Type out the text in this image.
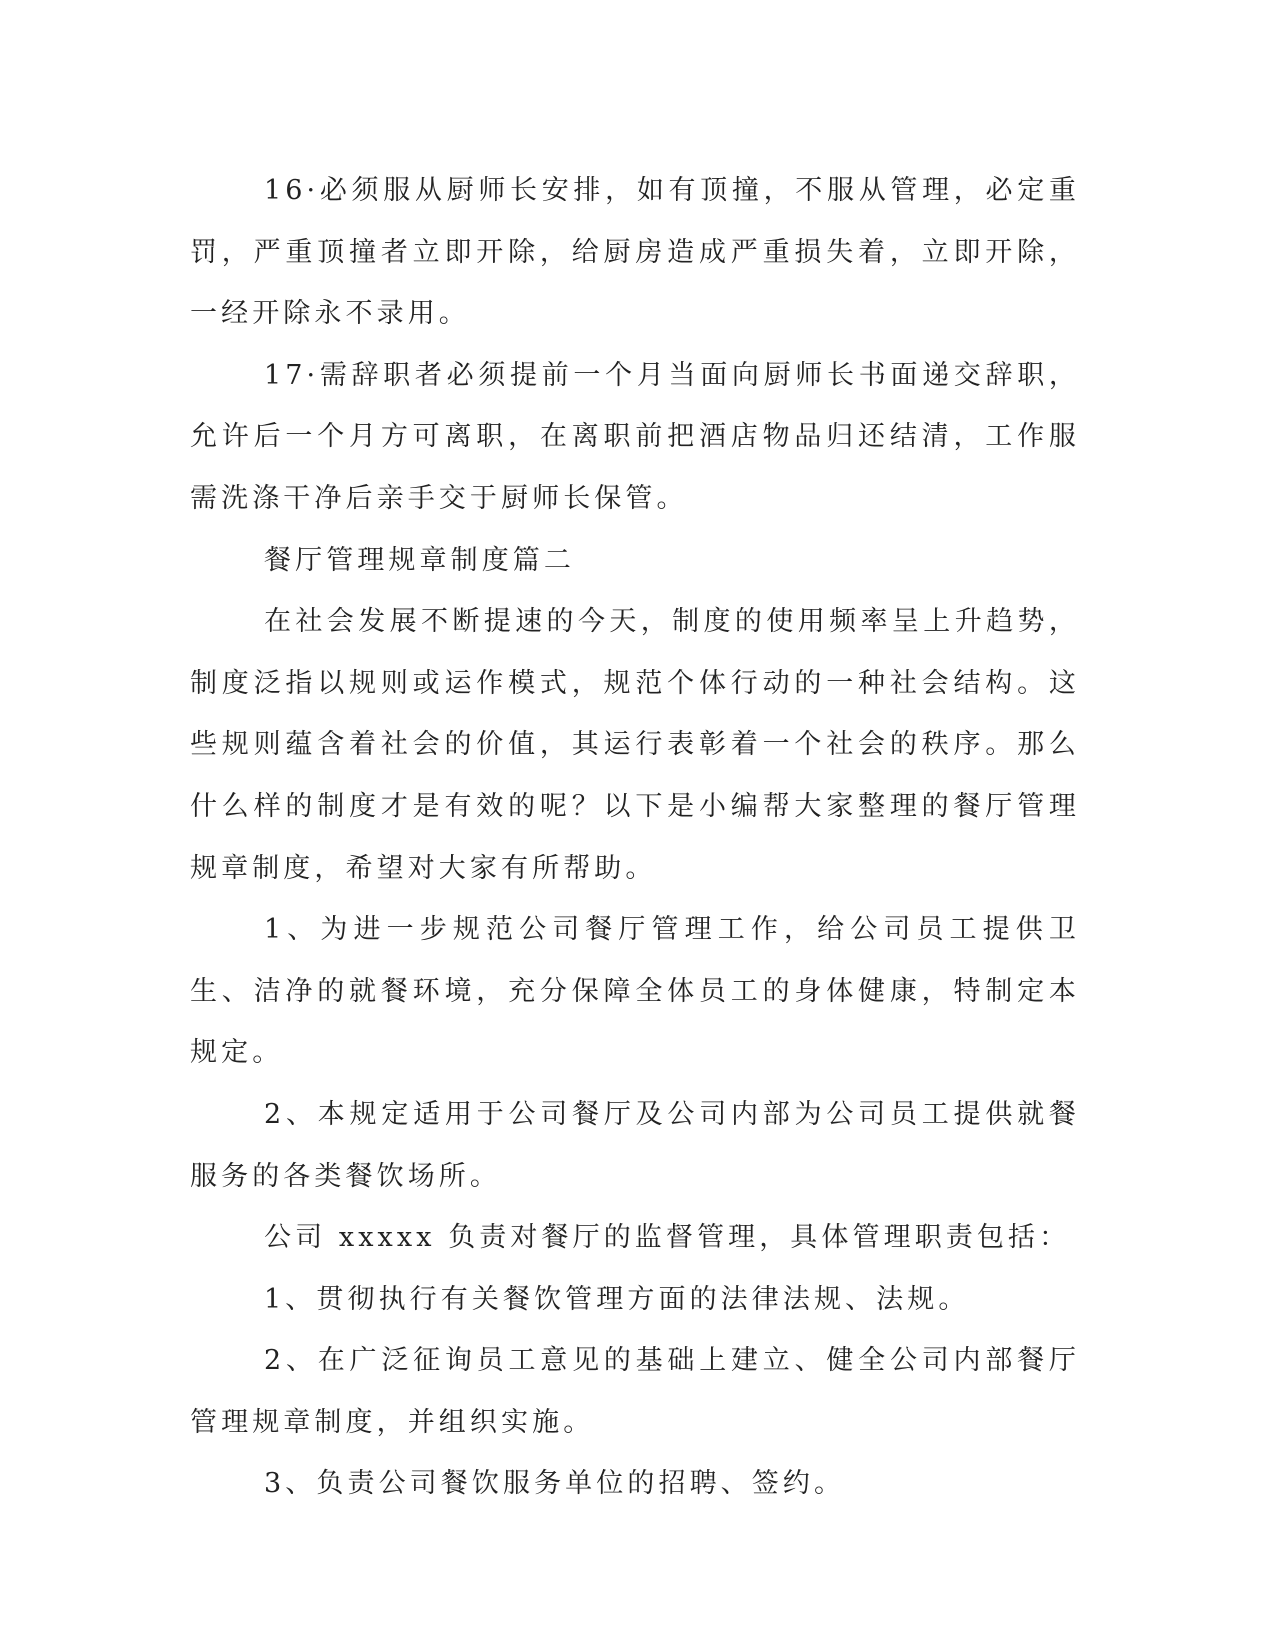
16·必须服从厨师长安排，如有顶撞，不服从管理，必定重罚，严重顶撞者立即开除，给厨房造成严重损失着，立即开除，一经开除永不录用。

17·需辞职者必须提前一个月当面向厨师长书面递交辞职，允许后一个月方可离职，在离职前把酒店物品归还结清，工作服需洗涤干净后亲手交于厨师长保管。

餐厅管理规章制度篇二

在社会发展不断提速的今天，制度的使用频率呈上升趋势，制度泛指以规则或运作模式，规范个体行动的一种社会结构。这些规则蕴含着社会的价值，其运行表彰着一个社会的秩序。那么什么样的制度才是有效的呢？以下是小编帮大家整理的餐厅管理规章制度，希望对大家有所帮助。

1、为进一步规范公司餐厅管理工作，给公司员工提供卫生、洁净的就餐环境，充分保障全体员工的身体健康，特制定本规定。

2、本规定适用于公司餐厅及公司内部为公司员工提供就餐服务的各类餐饮场所。

公司 xxxxx 负责对餐厅的监督管理，具体管理职责包括：

1、贯彻执行有关餐饮管理方面的法律法规、法规。

2、在广泛征询员工意见的基础上建立、健全公司内部餐厅管理规章制度，并组织实施。

3、负责公司餐饮服务单位的招聘、签约。
